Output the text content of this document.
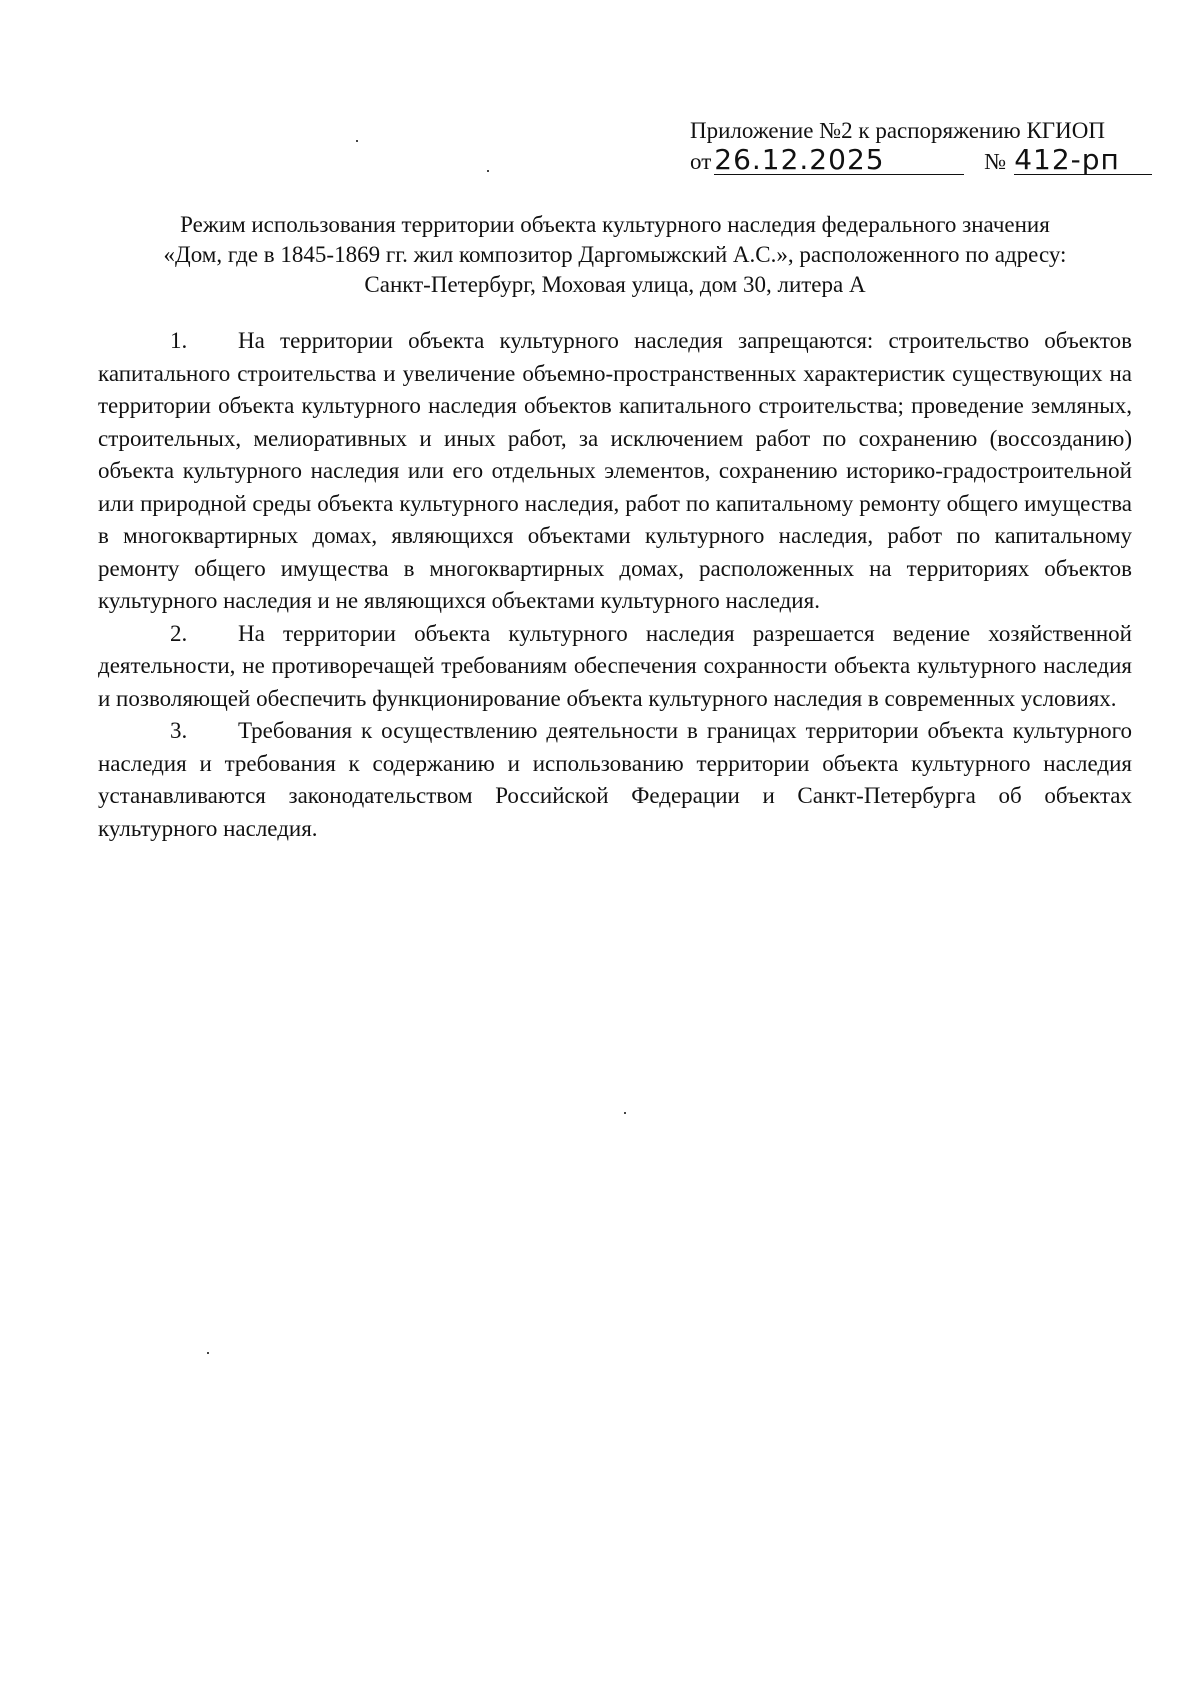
Приложение №2 к распоряжению КГИОП
от 26.12.2025	№ 412-рп
Режим использования территории объекта культурного наследия федерального значения
«Дом, где в 1845-1869 гг. жил композитор Даргомыжский А.С.», расположенного по адресу:
Санкт-Петербург, Моховая улица, дом 30, литера А

1. На территории объекта культурного наследия запрещаются: строительство объектов капитального строительства и увеличение объемно-пространственных характеристик существующих на территории объекта культурного наследия объектов капитального строительства; проведение земляных, строительных, мелиоративных и иных работ, за исключением работ по сохранению (воссозданию) объекта культурного наследия или его отдельных элементов, сохранению историко-градостроительной или природной среды объекта культурного наследия, работ по капитальному ремонту общего имущества в многоквартирных домах, являющихся объектами культурного наследия, работ по капитальному ремонту общего имущества в многоквартирных домах, расположенных на территориях объектов культурного наследия и не являющихся объектами культурного наследия.

2. На территории объекта культурного наследия разрешается ведение хозяйственной деятельности, не противоречащей требованиям обеспечения сохранности объекта культурного наследия и позволяющей обеспечить функционирование объекта культурного наследия в современных условиях.

3. Требования к осуществлению деятельности в границах территории объекта культурного наследия и требования к содержанию и использованию территории объекта культурного наследия устанавливаются законодательством Российской Федерации и Санкт-Петербурга об объектах культурного наследия.
